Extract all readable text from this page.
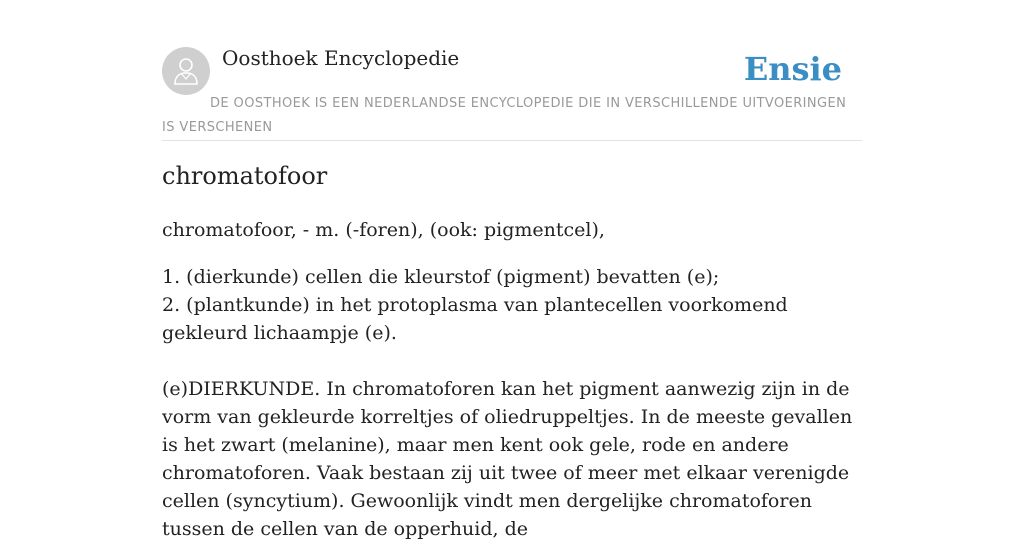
Oosthoek Encyclopedie	Ensie
DE OOSTHOEK IS EEN NEDERLANDSE ENCYCLOPEDIE DIE IN VERSCHILLENDE UITVOERINGEN IS VERSCHENEN
chromatofoor

chromatofoor, - m. (-foren), (ook: pigmentcel),

1. (dierkunde) cellen die kleurstof (pigment) bevatten (e);

2. (plantkunde) in het protoplasma van plantecellen voorkomend gekleurd lichaampje (e).

(e)DIERKUNDE. In chromatoforen kan het pigment aanwezig zijn in de vorm van gekleurde korreltjes of oliedruppeltjes. In de meeste gevallen is het zwart (melanine), maar men kent ook gele, rode en andere chromatoforen. Vaak bestaan zij uit twee of meer met elkaar verenigde cellen (syncytium). Gewoonlijk vindt men dergelijke chromatoforen tussen de cellen van de opperhuid, de
